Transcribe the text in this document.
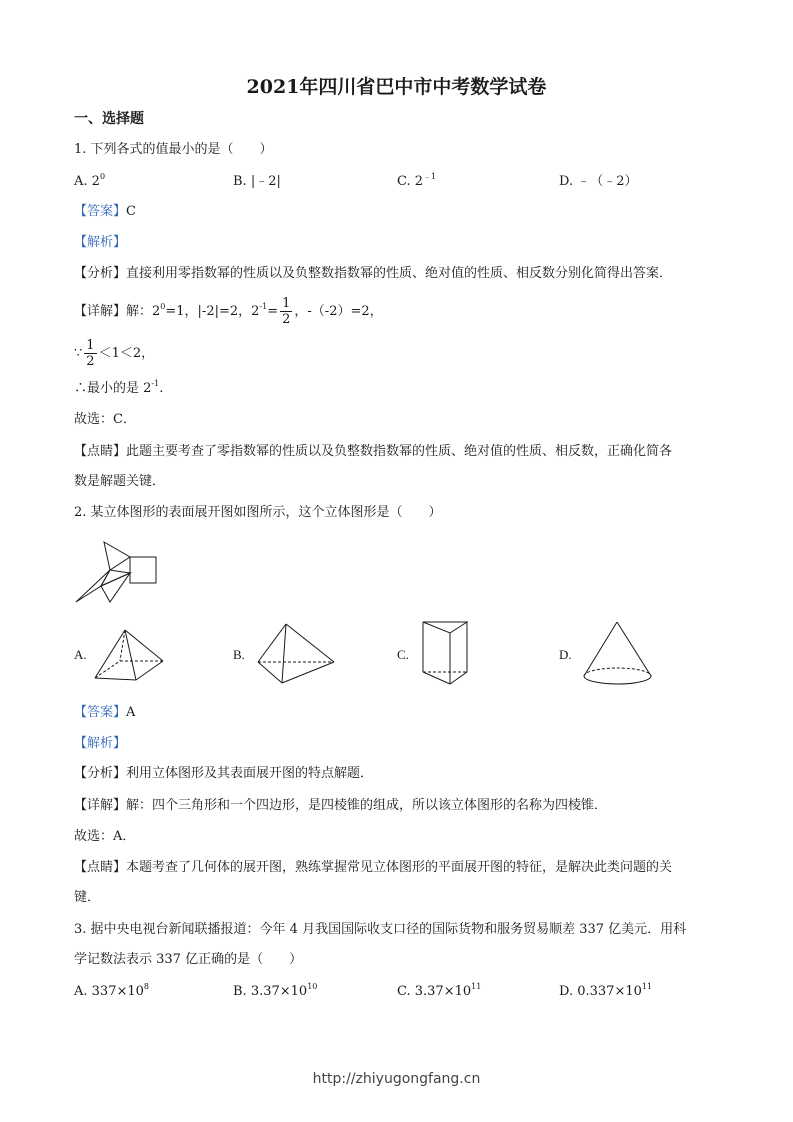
2021年四川省巴中市中考数学试卷
一、选择题
1. 下列各式的值最小的是（　　）
A. $2^0$	B. |﹣2|	C. $2^{﹣1}$	D. ﹣（﹣2）
【答案】C
【解析】
【分析】直接利用零指数幂的性质以及负整数指数幂的性质、绝对值的性质、相反数分别化简得出答案．
【详解】解：$2^0=1$，|-2|=2，$2^{-1}= \frac{1}{2}$ ，-（-2）=2，
∵ $\frac{1}{2} <1<2$，
∴最小的是 $2^{-1}$.
故选：C．
【点睛】此题主要考查了零指数幂的性质以及负整数指数幂的性质、绝对值的性质、相反数，正确化简各
数是解题关键．
2. 某立体图形的表面展开图如图所示，这个立体图形是（　　）
A.	B.	C.	D.
【答案】A
【解析】
【分析】利用立体图形及其表面展开图的特点解题．
【详解】解：四个三角形和一个四边形，是四棱锥的组成，所以该立体图形的名称为四棱锥．
故选：A．
【点睛】本题考查了几何体的展开图，熟练掌握常见立体图形的平面展开图的特征，是解决此类问题的关
键．
3. 据中央电视台新闻联播报道：今年 4 月我国国际收支口径的国际货物和服务贸易顺差 337 亿美元．用科
学记数法表示 337 亿正确的是（　　）
A. $337\times 10^8$	B. $3.37\times 10^{10}$	C. $3.37\times 10^{11}$	D. $0.337\times 10^{11}$
http://zhiyugongfang.cn
